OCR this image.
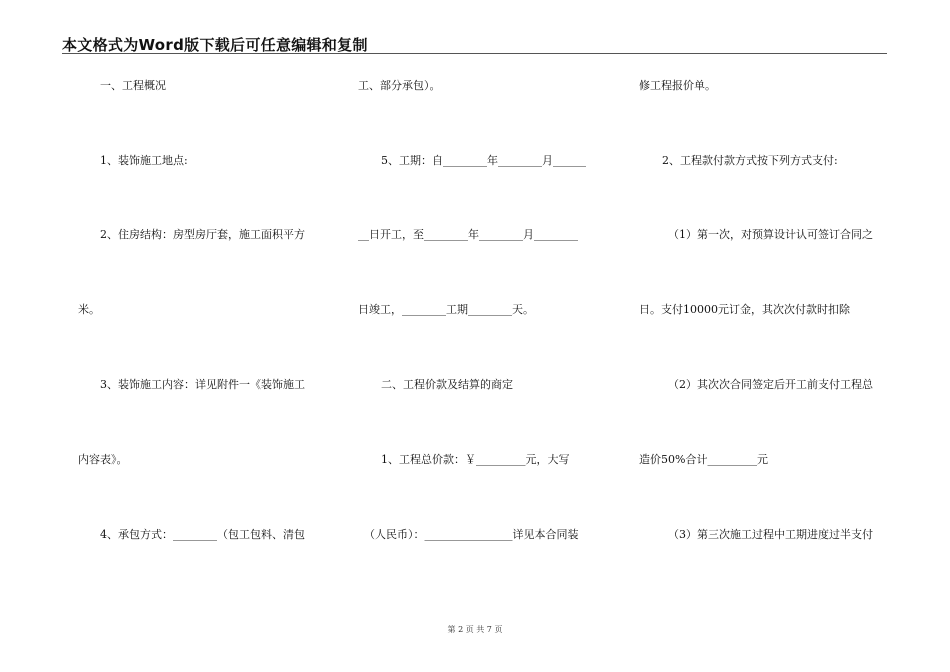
本文格式为Word版下载后可任意编辑和复制
一、工程概况
1、装饰施工地点:
2、住房结构：房型房厅套，施工面积平方
米。
3、装饰施工内容：详见附件一《装饰施工
内容表》。
4、承包方式：________（包工包料、清包
工、部分承包）。
5、工期：自________年________月______
__日开工，至________年________月________
日竣工，________工期________天。
二、工程价款及结算的商定
1、工程总价款：￥_________元，大写
（人民币）：________________详见本合同装
修工程报价单。
2、工程款付款方式按下列方式支付:
（1）第一次，对预算设计认可签订合同之
日。支付10000元订金，其次次付款时扣除
（2）其次次合同签定后开工前支付工程总
造价50%合计_________元
（3）第三次施工过程中工期进度过半支付
第 2 页 共 7 页
